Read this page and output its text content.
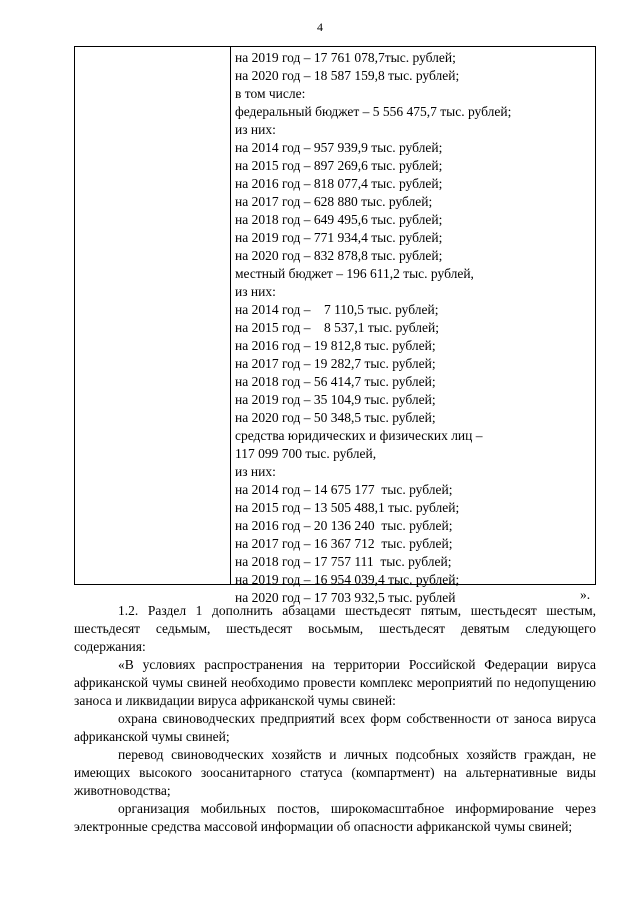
4
на 2019 год – 17 761 078,7тыс. рублей;
на 2020 год – 18 587 159,8 тыс. рублей;
в том числе:
федеральный бюджет – 5 556 475,7 тыс. рублей;
из них:
на 2014 год – 957 939,9 тыс. рублей;
на 2015 год – 897 269,6 тыс. рублей;
на 2016 год – 818 077,4 тыс. рублей;
на 2017 год – 628 880 тыс. рублей;
на 2018 год – 649 495,6 тыс. рублей;
на 2019 год – 771 934,4 тыс. рублей;
на 2020 год – 832 878,8 тыс. рублей;
местный бюджет – 196 611,2 тыс. рублей,
из них:
на 2014 год –    7 110,5 тыс. рублей;
на 2015 год –    8 537,1 тыс. рублей;
на 2016 год – 19 812,8 тыс. рублей;
на 2017 год – 19 282,7 тыс. рублей;
на 2018 год – 56 414,7 тыс. рублей;
на 2019 год – 35 104,9 тыс. рублей;
на 2020 год – 50 348,5 тыс. рублей;
средства юридических и физических лиц –
117 099 700 тыс. рублей,
из них:
на 2014 год – 14 675 177  тыс. рублей;
на 2015 год – 13 505 488,1 тыс. рублей;
на 2016 год – 20 136 240  тыс. рублей;
на 2017 год – 16 367 712  тыс. рублей;
на 2018 год – 17 757 111  тыс. рублей;
на 2019 год – 16 954 039,4 тыс. рублей;
на 2020 год – 17 703 932,5 тыс. рублей	».

1.2. Раздел 1 дополнить абзацами шестьдесят пятым, шестьдесят шестым, шестьдесят седьмым, шестьдесят восьмым, шестьдесят девятым следующего содержания:

«В условиях распространения на территории Российской Федерации вируса африканской чумы свиней необходимо провести комплекс мероприятий по недопущению заноса и ликвидации вируса африканской чумы свиней:

охрана свиноводческих предприятий всех форм собственности от заноса вируса африканской чумы свиней;

перевод свиноводческих хозяйств и личных подсобных хозяйств граждан, не имеющих высокого зоосанитарного статуса (компартмент) на альтернативные виды животноводства;

организация мобильных постов, широкомасштабное информирование через электронные средства массовой информации об опасности африканской чумы свиней;
